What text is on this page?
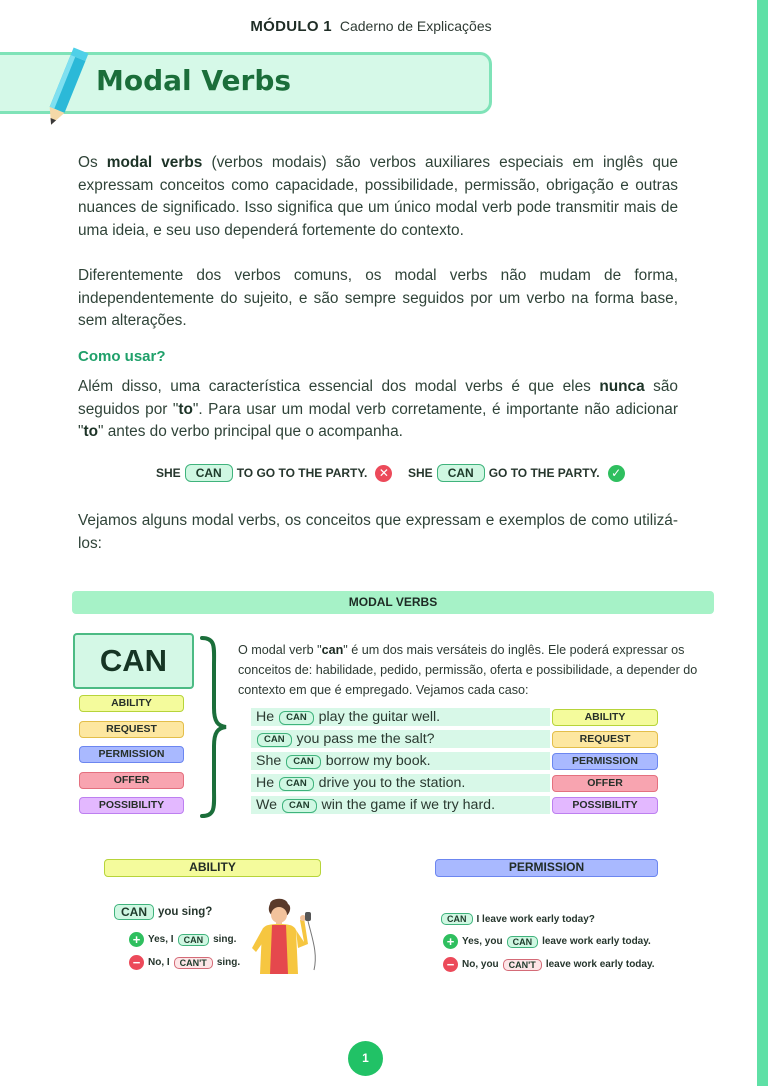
MÓDULO 1 Caderno de Explicações
Modal Verbs
Os modal verbs (verbos modais) são verbos auxiliares especiais em inglês que expressam conceitos como capacidade, possibilidade, permissão, obrigação e outras nuances de significado. Isso significa que um único modal verb pode transmitir mais de uma ideia, e seu uso dependerá fortemente do contexto.
Diferentemente dos verbos comuns, os modal verbs não mudam de forma, independentemente do sujeito, e são sempre seguidos por um verbo na forma base, sem alterações.
Como usar?
Além disso, uma característica essencial dos modal verbs é que eles nunca são seguidos por "to". Para usar um modal verb corretamente, é importante não adicionar "to" antes do verbo principal que o acompanha.
SHE	CAN	TO GO TO THE PARTY. ✕ SHE	CAN	GO TO THE PARTY. ✓
Vejamos alguns modal verbs, os conceitos que expressam e exemplos de como utilizá-los:
MODAL VERBS
CAN
ABILITY
REQUEST
PERMISSION
OFFER
POSSIBILITY
O modal verb "can" é um dos mais versáteis do inglês. Ele poderá expressar os conceitos de: habilidade, pedido, permissão, oferta e possibilidade, a depender do contexto em que é empregado. Vejamos cada caso:
He CAN play the guitar well.	ABILITY
CAN you pass me the salt?	REQUEST
She CAN borrow my book.	PERMISSION
He CAN drive you to the station.	OFFER
We CAN win the game if we try hard.	POSSIBILITY
ABILITY	PERMISSION
CAN you sing?
+ Yes, I	CAN	sing.
− No, I	CAN'T	sing.
CAN	I leave work early today?
+ Yes, you	CAN	leave work early today.
− No, you	CAN'T	leave work early today.
1
